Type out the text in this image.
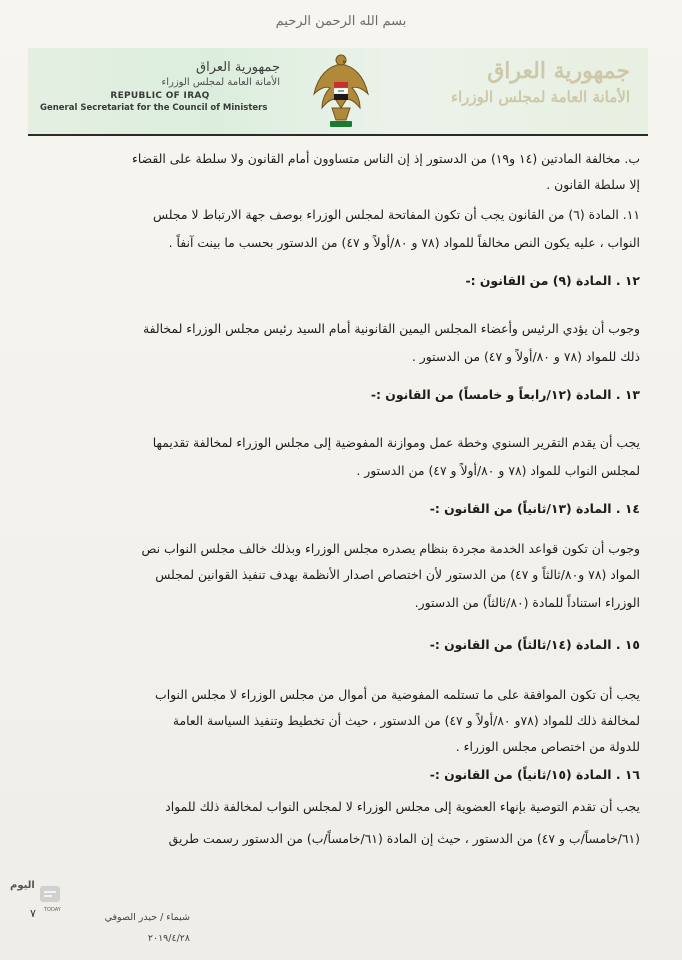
بسم الله الرحمن الرحيم
جمهورية العراق
الأمانة العامة لمجلس الوزراء
REPUBLIC OF IRAQ
General Secretariat for the Council of Ministers
جمهورية العراق
الأمانة العامة لمجلس الوزراء
ب. مخالفة المادتين (١٤ و١٩) من الدستور إذ إن الناس متساوون أمام القانون ولا سلطة على القضاء
إلا سلطة القانون .
١١. المادة (٦) من القانون يجب أن تكون المفاتحة لمجلس الوزراء بوصف جهة الارتباط لا مجلس
النواب ، عليه يكون النص مخالفاً للمواد (٧٨ و ٨٠/أولاً و ٤٧) من الدستور بحسب ما بينت آنفاً .
١٢ . المادة (٩) من القانون :-
وجوب أن يؤدي الرئيس وأعضاء المجلس اليمين القانونية أمام السيد رئيس مجلس الوزراء لمخالفة
ذلك للمواد (٧٨ و ٨٠/أولاً و ٤٧) من الدستور .
١٣ . المادة (١٢/رابعاً و خامساً) من القانون :-
يجب أن يقدم التقرير السنوي وخطة عمل وموازنة المفوضية إلى مجلس الوزراء لمخالفة تقديمها
لمجلس النواب للمواد (٧٨ و ٨٠/أولاً و ٤٧) من الدستور .
١٤ . المادة (١٣/ثانياً) من القانون :-
وجوب أن تكون قواعد الخدمة مجردة بنظام يصدره مجلس الوزراء وبذلك خالف مجلس النواب نص
المواد (٧٨ و٨٠/ثالثاً و ٤٧) من الدستور لأن اختصاص اصدار الأنظمة بهدف تنفيذ القوانين لمجلس
الوزراء استناداً للمادة (٨٠/ثالثاً) من الدستور.
١٥ . المادة (١٤/ثالثاً) من القانون :-
يجب أن تكون الموافقة على ما تستلمه المفوضية من أموال من مجلس الوزراء لا مجلس النواب
لمخالفة ذلك للمواد (٧٨و ٨٠/أولاً و ٤٧) من الدستور ، حيث أن تخطيط وتنفيذ السياسة العامة
للدولة من اختصاص مجلس الوزراء .
١٦ . المادة (١٥/ثانياً) من القانون :-
يجب أن تقدم التوصية بإنهاء العضوية إلى مجلس الوزراء لا لمجلس النواب لمخالفة ذلك للمواد
(٦١/خامساً/ب و ٤٧) من الدستور ، حيث إن المادة (٦١/خامساً/ب) من الدستور رسمت طريق
اليوم
TODAY
٧	شيماء / حيدر الصوفي
٢٠١٩/٤/٢٨
